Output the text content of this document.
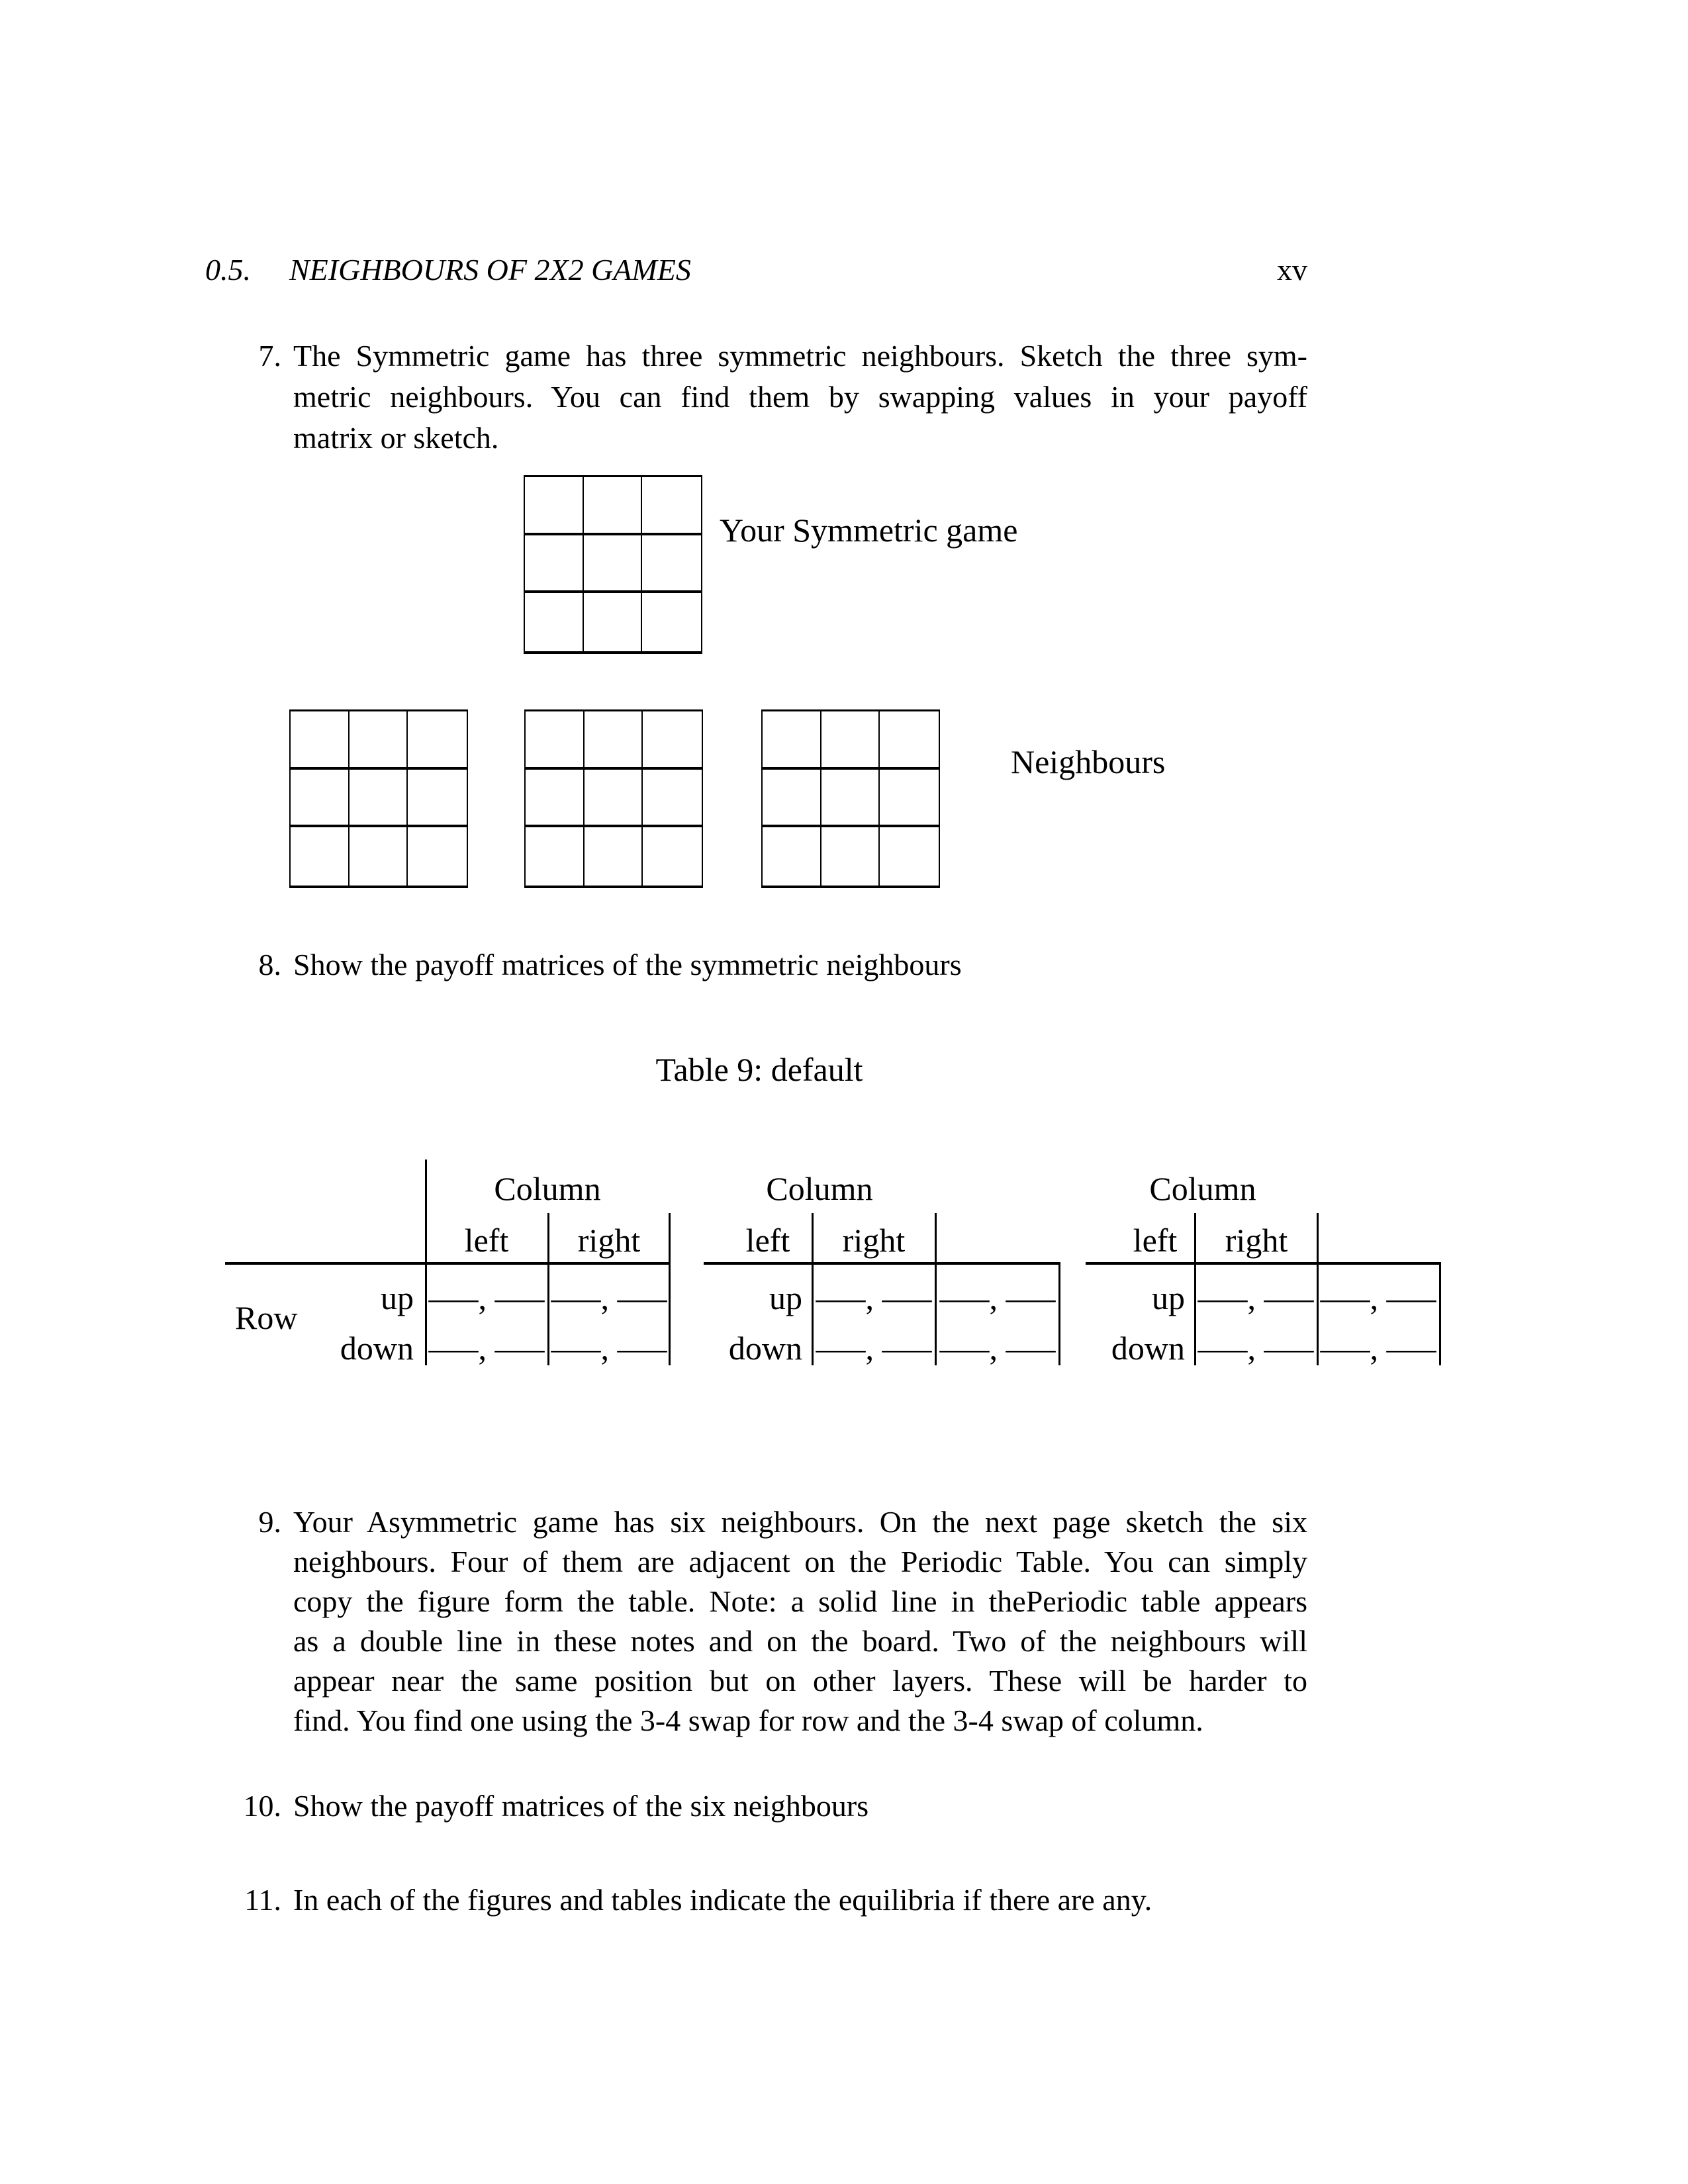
0.5. NEIGHBOURS OF 2X2 GAMES	xv
7. The Symmetric game has three symmetric neighbours. Sketch the three sym-
metric neighbours. You can find them by swapping values in your payoff
matrix or sketch.
Your Symmetric game
Neighbours
8. Show the payoff matrices of the symmetric neighbours
Table 9: default
Column
left right
Row
up
down
—–, —– —–, —–
—–, —– —–, —–
Column
left right
up
down
—–, —– —–, —–
—–, —– —–, —–
Column
left right
up
down
—–, —– —–, —–
—–, —– —–, —–
9. Your Asymmetric game has six neighbours. On the next page sketch the six
neighbours. Four of them are adjacent on the Periodic Table. You can simply
copy the figure form the table. Note: a solid line in thePeriodic table appears
as a double line in these notes and on the board. Two of the neighbours will
appear near the same position but on other layers. These will be harder to
find. You find one using the 3-4 swap for row and the 3-4 swap of column.
10. Show the payoff matrices of the six neighbours
11. In each of the figures and tables indicate the equilibria if there are any.
